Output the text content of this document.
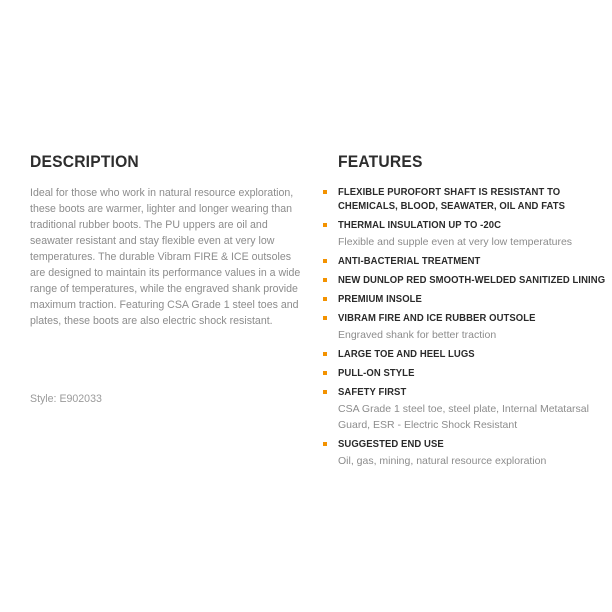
DESCRIPTION

Ideal for those who work in natural resource exploration, these boots are warmer, lighter and longer wearing than traditional rubber boots. The PU uppers are oil and seawater resistant and stay flexible even at very low temperatures. The durable Vibram FIRE & ICE outsoles are designed to maintain its performance values in a wide range of temperatures, while the engraved shank provide maximum traction. Featuring CSA Grade 1 steel toes and plates, these boots are also electric shock resistant.

Style: E902033
FEATURES
FLEXIBLE PUROFORT SHAFT IS RESISTANT TO CHEMICALS, BLOOD, SEAWATER, OIL AND FATS
THERMAL INSULATION UP TO -20C
Flexible and supple even at very low temperatures
ANTI-BACTERIAL TREATMENT
NEW DUNLOP RED SMOOTH-WELDED SANITIZED LINING
PREMIUM INSOLE
VIBRAM FIRE AND ICE RUBBER OUTSOLE
Engraved shank for better traction
LARGE TOE AND HEEL LUGS
PULL-ON STYLE
SAFETY FIRST
CSA Grade 1 steel toe, steel plate, Internal Metatarsal Guard, ESR - Electric Shock Resistant
SUGGESTED END USE
Oil, gas, mining, natural resource exploration
